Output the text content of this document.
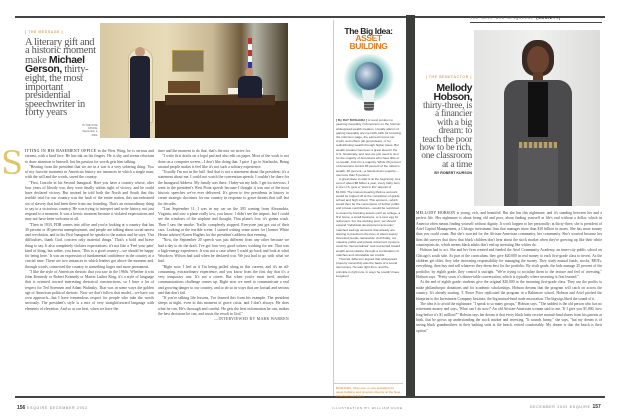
S
[ THE MESSAGE ]
A literary gift and a historic moment make Michael Gerson, thirty-eight, the most important presidential speechwriter in forty years
IN THE OVAL OFFICE, September 4, 2002.

ITTING IN HIS BASEMENT OFFICE in the West Wing, he is serious and earnest, with a kind face. He has ink on his fingers. He is shy and seems reluctant to draw attention to himself, but his passion for words gets him talking.

"Hearing from the president that we are in a war is a very sobering thing. Two of my favorite moments in American history are instances in which a single man, with the will and the words, saved the country.

"First, Lincoln in his Second Inaugural. Here you have a country whose, after four years of bloody war, they were finally within sight of victory, and he could have declared victory. But instead he told both the North and South that this terrible trial for our country was the fault of the entire nation, this unconfronted sin of slavery that had been there from our founding. That's an extraordinary thing to say to a victorious country. He was trying to interpret and write history, not just respond to a moment. It was a heroic moment because it violated expectations and may not have been welcome at all.

"Then in 1933, FDR comes into office and you're looking at a country that has 30 percent or 40 percent unemployment, and people are talking about social unrest and revolution, and in his First Inaugural he speaks to the nation and he says, 'Our difficulties, thank God, concern only material things.' That's a bold and brave thing to say. It also completely violates expectations; it's not like a 'Feel your pain' kind of thing, but rather, you know, 'This is a good country—we should be happy for being here.' It was an expression of fundamental confidence in the country at a crucial time. These are two instances in which leaders got above the moment and, through words, connected the country to something larger and more permanent.

"I like the style of American rhetoric that you saw in the 1960s. Whether it was John Kennedy or Robert Kennedy or Martin Luther King, it's a style of language that is oriented toward interesting rhetorical constructions, so I have a lot of respect for Ted Sorensen and Adam Walinsky. That was in some ways the golden age of American political rhetoric. Now we don't follow that model—we have our own approach—but I have tremendous respect for people who take the words seriously. The president's style is a mix of very straightforward language with elements of elevation. And so at our best, when we have the

time and the moment to do that, that's the mix we strive for.

"I write first drafts on a legal pad and also edit on paper. Most of the work is not done on a computer screen—I don't like doing that. I pace. I go to Starbucks. Being around people makes it feel like it's not such a solitary experience.

"Usually I'm not in the hall. And that is not a statement about the president; it's a statement about me. I could not watch the convention speech; I couldn't be there for the Inaugural Address. My family was there. I baby-sat my kids. I get too nervous. I went to the president's West Point speech because I thought it was one of the most historic speeches we've ever delivered. It's given to few presidents in history to create strategic doctrines for our country in response to grave threats that will last for decades.

"Last September 11, I was in my car on the 395 coming from Alexandria, Virginia, and saw a plane really low, you know. I didn't see the impact, but I could see the windows of the airplane and thought, That plane's low, it's gonna crash. Then I saw the smoke. Traffic completely stopped. Everyone just got out of their cars. Looking at the terrible scene, I started writing some notes for [former White House adviser] Karen Hughes for the president's address that evening.

"Now, the September 20 speech was just different from any other because we had a day to do the draft. I've got four very good writers working for me. That was a high-energy experience. It was not a case where I could go back and look at what Woodrow Wilson had said when he declared war. We just had to go with what we had.

"Right now, I feel as if I'm being pulled along in this current, and it's an all-consuming, extraordinary experience, and you know from the first day that it's a very temporary one. It's not a career. But when you're most tired, another communications challenge comes up. Right now we need to communicate a real and growing danger to our country, and to do so in ways that are factual and serious and that don't fail.

"If you're talking life lessons, I've learned this from his example. The president sleeps at night, even in this moment of grave crisis, and I don't always. He does what he can. He's thorough and careful. He gets the best information he can, makes the best decisions he can, and trusts the result to God."

—INTERVIEWED BY MARK WARREN

156 ESQUIRE DECEMBER 2002
The Big Idea:
ASSET
BUILDING

[ By RAY BOSHARA ] A novel solution to yawning inequality in America is on the horizon: widespread wealth creation. Usually alarms of gaping inequality are met with calls for boosting the minimum wage, the earned-income tax credit, and others (all good ideas), or for redistributing wealth through higher taxes. But wealth creation has been a great idea for the U.S. historically, and now we just need to do it for the majority of Americans who have little or no wealth. And it is a majority. While 20 percent of Americans control 83 percent of the nation's wealth, 60 percent—a hands-down majority—own less than 5 percent.

A great place to start is at the beginning. At a cost of about $8 billion a year, every baby born in the U.S. gets a "start in life" deposit of $1,000. The interest-bearing lifetime account would be topped off at the completion of grade school and high school. This account—which would then be the centerpiece of further public and private contributions—would be restricted to economy-boosting assets such as college, a first home, a small business, or a nest egg for retirement. For the working poor, we should expand "individual development accounts," matched savings accounts that already are starting to transform the lives of about twenty thousand people nationwide. And finally, our massive public and private retirement systems could be "democratized" and reoriented toward wealth accumulation through a combination of matches and refundable tax credits.

Thomas Jefferson argued that widespread property ownership was the basis of a sound democracy. He was right then, and the principle is right now, in ways he couldn't have imagined.

BOSHARA, thirty-one, is vice president for asset building and program director at the New America Foundation.
ILLUSTRATION BY WILLIAM DUKE
The Best and Brightest (SOCIETY)
[ THE BENEFACTOR ]
Mellody
Hobson,
thirty-three, is a financier with a big dream: to teach the poor how to be rich, one classroom at a time
BY ROBERT KURSON

MELLODY HOBSON is young, rich, and beautiful. But she has this nightmare, and it's standing between her and a perfect life. Her nightmare is about being old and poor, about finding yourself at life's end without a dollar, which in America often means finding yourself without dignity. It won't happen to her personally; at thirty-three, she is president of Ariel Capital Management, a Chicago investment firm that manages more than $10 billion in assets. She has more money than you could count. But she's worried for the African-American community, her community. She's worried because her firm did surveys that show that black children don't hear about the stock market when they're growing up like their white counterparts do, which means black adults don't end up investing like whites do.

Hobson had to act. She and her firm created and funded the Ariel Community Academy, an inner-city public school on Chicago's south side. As part of the curriculum, they give $20,000 in real money to each first-grade class to invest. As the children get older, they take increasing responsibility for managing the money. They study mutual funds, stocks, REITs, everything, then buy and sell whatever they deem best for the portfolio. By sixth grade, the kids manage 25 percent of the portfolio; by eighth grade, they control it outright. "We're trying to socialize them to the texture and feel of investing," Hobson says. "Pretty soon, it's dinner-table conversation, which is typically where investing is first learned."

At the end of eighth grade, students give the original $20,000 to the incoming first-grade class. They use the profits to make philanthropic donations and for academic scholarships. Hobson dreams that the program will catch on across the country. It's already starting. T. Rowe Price replicated the program in a Baltimore school. Hobson and Ariel pitched the blueprint to the Investment Company Institute, the big mutual-fund trade association. The bigwigs liked the sound of it.

The idea is to avoid the nightmare. "I speak to so many groups," Hobson says. "The saddest is the old person who has no retirement money and says, 'What can I do now?' An old African-American woman said to me, 'If I give you $1,000, how long before it's $1 million?'" Hobson says her dream is that every black baby receive mutual-fund shares from his parents at birth, that he grows up understanding the stock market and investing. "It sounds funny," she says, "but my dream is of seeing black grandmothers in their bathing suits at the beach, retired comfortably. My dream is that the beach is their option."

DECEMBER 2002 ESQUIRE 157
